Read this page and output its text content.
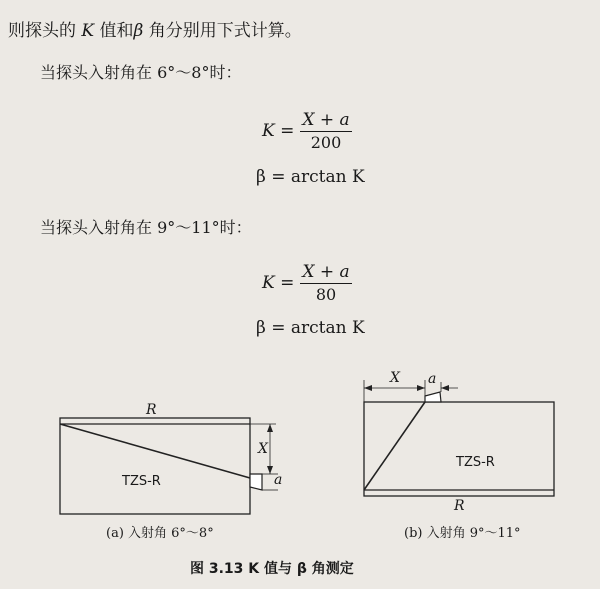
则探头的 K 值和β 角分别用下式计算。
当探头入射角在 6°～8°时：
$K = \frac{X + a}{200}$
β = arctan K
当探头入射角在 9°～11°时：
$K = \frac{X + a}{80}$
β = arctan K
R
X
a
TZS-R
(a) 入射角 6°～8°
X a
R
TZS-R
(b) 入射角 9°～11°
图 3.13 K 值与 β 角测定
